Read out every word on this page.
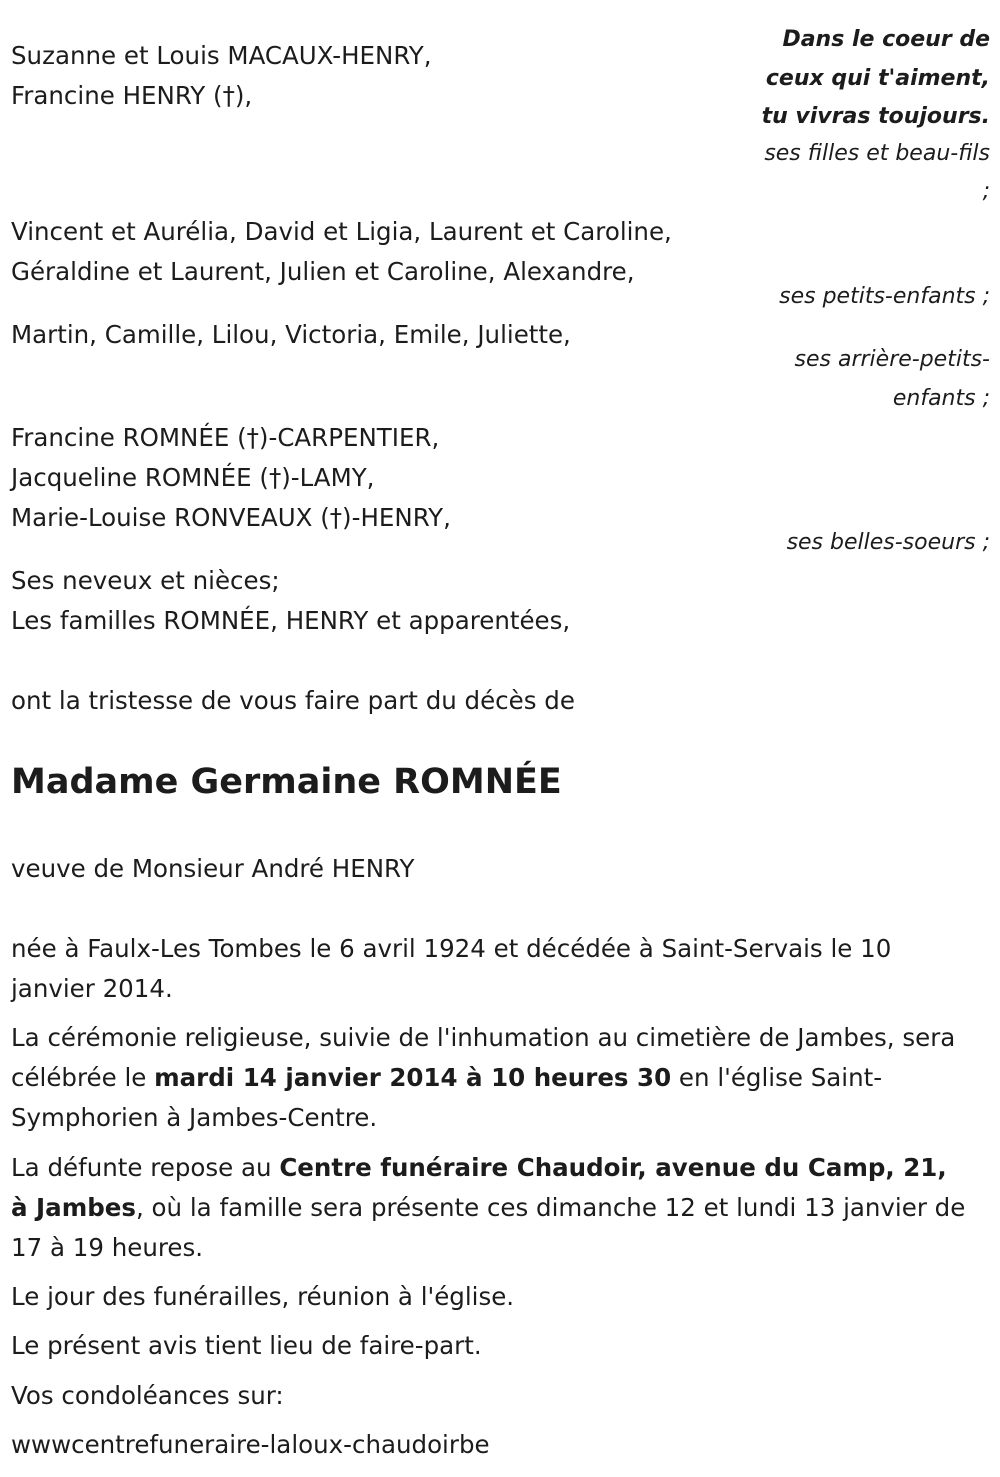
Dans le coeur de
ceux qui t'aiment,
tu vivras toujours.
Suzanne et Louis MACAUX-HENRY,
Francine HENRY (†),
ses filles et beau-fils
;
Vincent et Aurélia, David et Ligia, Laurent et Caroline,
Géraldine et Laurent, Julien et Caroline, Alexandre,
ses petits-enfants ;
Martin, Camille, Lilou, Victoria, Emile, Juliette,
ses arrière-petits-
enfants ;
Francine ROMNÉE (†)-CARPENTIER,
Jacqueline ROMNÉE (†)-LAMY,
Marie-Louise RONVEAUX (†)-HENRY,
ses belles-soeurs ;
Ses neveux et nièces;
Les familles ROMNÉE, HENRY et apparentées,
ont la tristesse de vous faire part du décès de
Madame Germaine ROMNÉE
veuve de Monsieur André HENRY

née à Faulx-Les Tombes le 6 avril 1924 et décédée à Saint-Servais le 10 janvier 2014.

La cérémonie religieuse, suivie de l'inhumation au cimetière de Jambes, sera célébrée le mardi 14 janvier 2014 à 10 heures 30 en l'église Saint-Symphorien à Jambes-Centre.

La défunte repose au Centre funéraire Chaudoir, avenue du Camp, 21, à Jambes, où la famille sera présente ces dimanche 12 et lundi 13 janvier de 17 à 19 heures.

Le jour des funérailles, réunion à l'église.
Le présent avis tient lieu de faire-part.
Vos condoléances sur:
wwwcentrefuneraire-laloux-chaudoirbe
